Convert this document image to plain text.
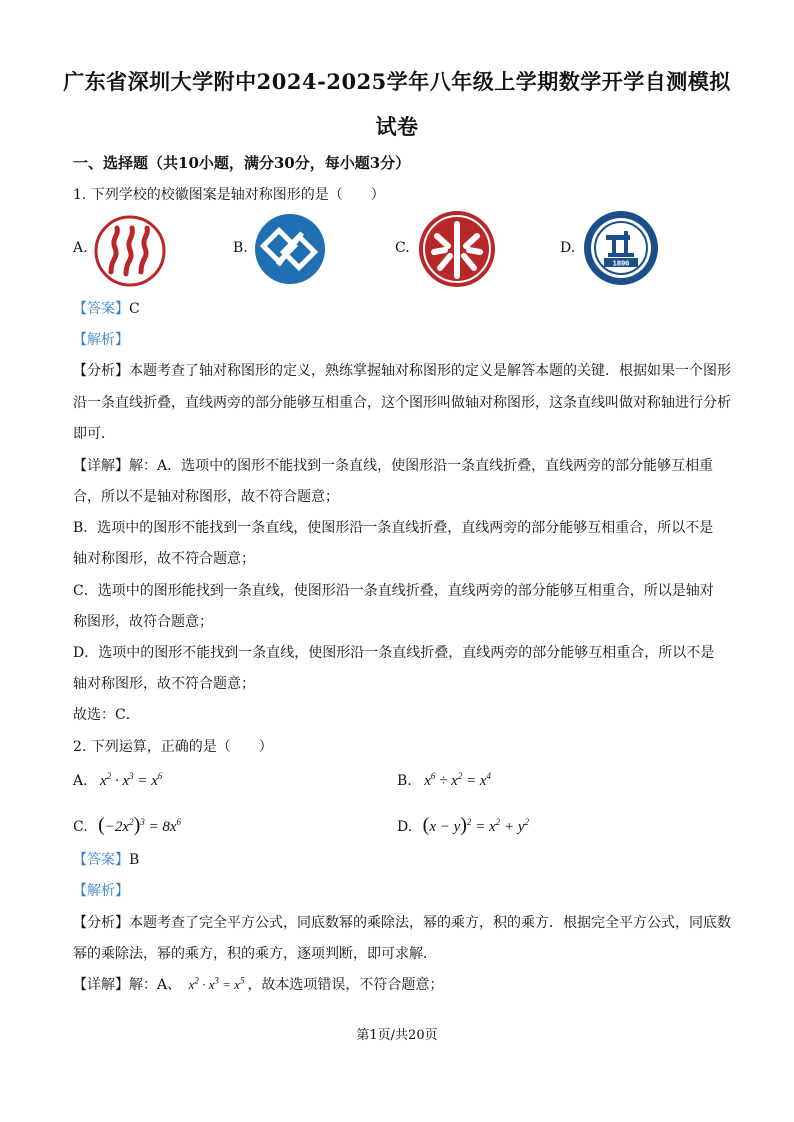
广东省深圳大学附中2024-2025学年八年级上学期数学开学自测模拟
试卷
一、选择题（共10小题，满分30分，每小题3分）
1. 下列学校的校徽图案是轴对称图形的是（　　）
A.	B.	C.	D.
1896
【答案】C
【解析】
【分析】本题考查了轴对称图形的定义，熟练掌握轴对称图形的定义是解答本题的关键．根据如果一个图形
沿一条直线折叠，直线两旁的部分能够互相重合，这个图形叫做轴对称图形，这条直线叫做对称轴进行分析
即可．
【详解】解：A．选项中的图形不能找到一条直线，使图形沿一条直线折叠，直线两旁的部分能够互相重
合，所以不是轴对称图形，故不符合题意；
B．选项中的图形不能找到一条直线，使图形沿一条直线折叠，直线两旁的部分能够互相重合，所以不是
轴对称图形，故不符合题意；
C．选项中的图形能找到一条直线，使图形沿一条直线折叠，直线两旁的部分能够互相重合，所以是轴对
称图形，故符合题意；
D．选项中的图形不能找到一条直线，使图形沿一条直线折叠，直线两旁的部分能够互相重合，所以不是
轴对称图形，故不符合题意；
故选：C．
2. 下列运算，正确的是（　　）
A. $x^2 \cdot x^3 = x^6$	B. $x^6 \div x^2 = x^4$
C. $(-2x^2)^3 = 8x^6$	D. $(x - y)^2 = x^2 + y^2$
【答案】B
【解析】
【分析】本题考查了完全平方公式，同底数幂的乘除法，幂的乘方，积的乘方．根据完全平方公式，同底数
幂的乘除法，幂的乘方，积的乘方，逐项判断，即可求解．
【详解】解：A、 $x^2 \cdot x^3 = x^5$ ，故本选项错误，不符合题意；
第1页/共20页
